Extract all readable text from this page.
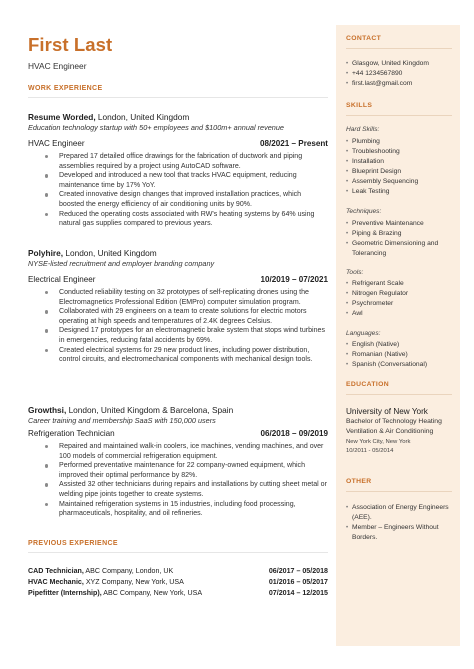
First Last
HVAC Engineer
WORK EXPERIENCE
Resume Worded, London, United Kingdom
Education technology startup with 50+ employees and $100m+ annual revenue
HVAC Engineer	08/2021 – Present
Prepared 17 detailed office drawings for the fabrication of ductwork and piping assemblies required by a project using AutoCAD software.
Developed and introduced a new tool that tracks HVAC equipment, reducing maintenance time by 17% YoY.
Created innovative design changes that improved installation practices, which boosted the energy efficiency of air conditioning units by 90%.
Reduced the operating costs associated with RW's heating systems by 64% using natural gas supplies compared to previous years.
Polyhire, London, United Kingdom
NYSE-listed recruitment and employer branding company
Electrical Engineer	10/2019 – 07/2021
Conducted reliability testing on 32 prototypes of self-replicating drones using the Electromagnetics Professional Edition (EMPro) computer simulation program.
Collaborated with 29 engineers on a team to create solutions for electric motors operating at high speeds and temperatures of 2.4K degrees Celsius.
Designed 17 prototypes for an electromagnetic brake system that stops wind turbines in emergencies, reducing fatal accidents by 69%.
Created electrical systems for 29 new product lines, including power distribution, control circuits, and electromechanical components with mechanical design tools.
Growthsi, London, United Kingdom & Barcelona, Spain
Career training and membership SaaS with 150,000 users
Refrigeration Technician	06/2018 – 09/2019
Repaired and maintained walk-in coolers, ice machines, vending machines, and over 100 models of commercial refrigeration equipment.
Performed preventative maintenance for 22 company-owned equipment, which improved their optimal performance by 82%.
Assisted 32 other technicians during repairs and installations by cutting sheet metal or welding pipe joints together to create systems.
Maintained refrigeration systems in 15 industries, including food processing, pharmaceuticals, hospitality, and oil refineries.
PREVIOUS EXPERIENCE
CAD Technician, ABC Company, London, UK	06/2017 – 05/2018
HVAC Mechanic, XYZ Company, New York, USA	01/2016 – 05/2017
Pipefitter (Internship), ABC Company, New York, USA	07/2014 – 12/2015
CONTACT
• Glasgow, United Kingdom
• +44 1234567890
• first.last@gmail.com
SKILLS
Hard Skills:
• Plumbing
• Troubleshooting
• Installation
• Blueprint Design
• Assembly Sequencing
• Leak Testing
Techniques:
• Preventive Maintenance
• Piping & Brazing
• Geometric Dimensioning and Tolerancing
Tools:
• Refrigerant Scale
• Nitrogen Regulator
• Psychrometer
• Awl
Languages:
• English (Native)
• Romanian (Native)
• Spanish (Conversational)
EDUCATION
University of New York
Bachelor of Technology Heating Ventilation & Air Conditioning
New York City, New York
10/2011 - 05/2014
OTHER
• Association of Energy Engineers (AEE).
• Member – Engineers Without Borders.
